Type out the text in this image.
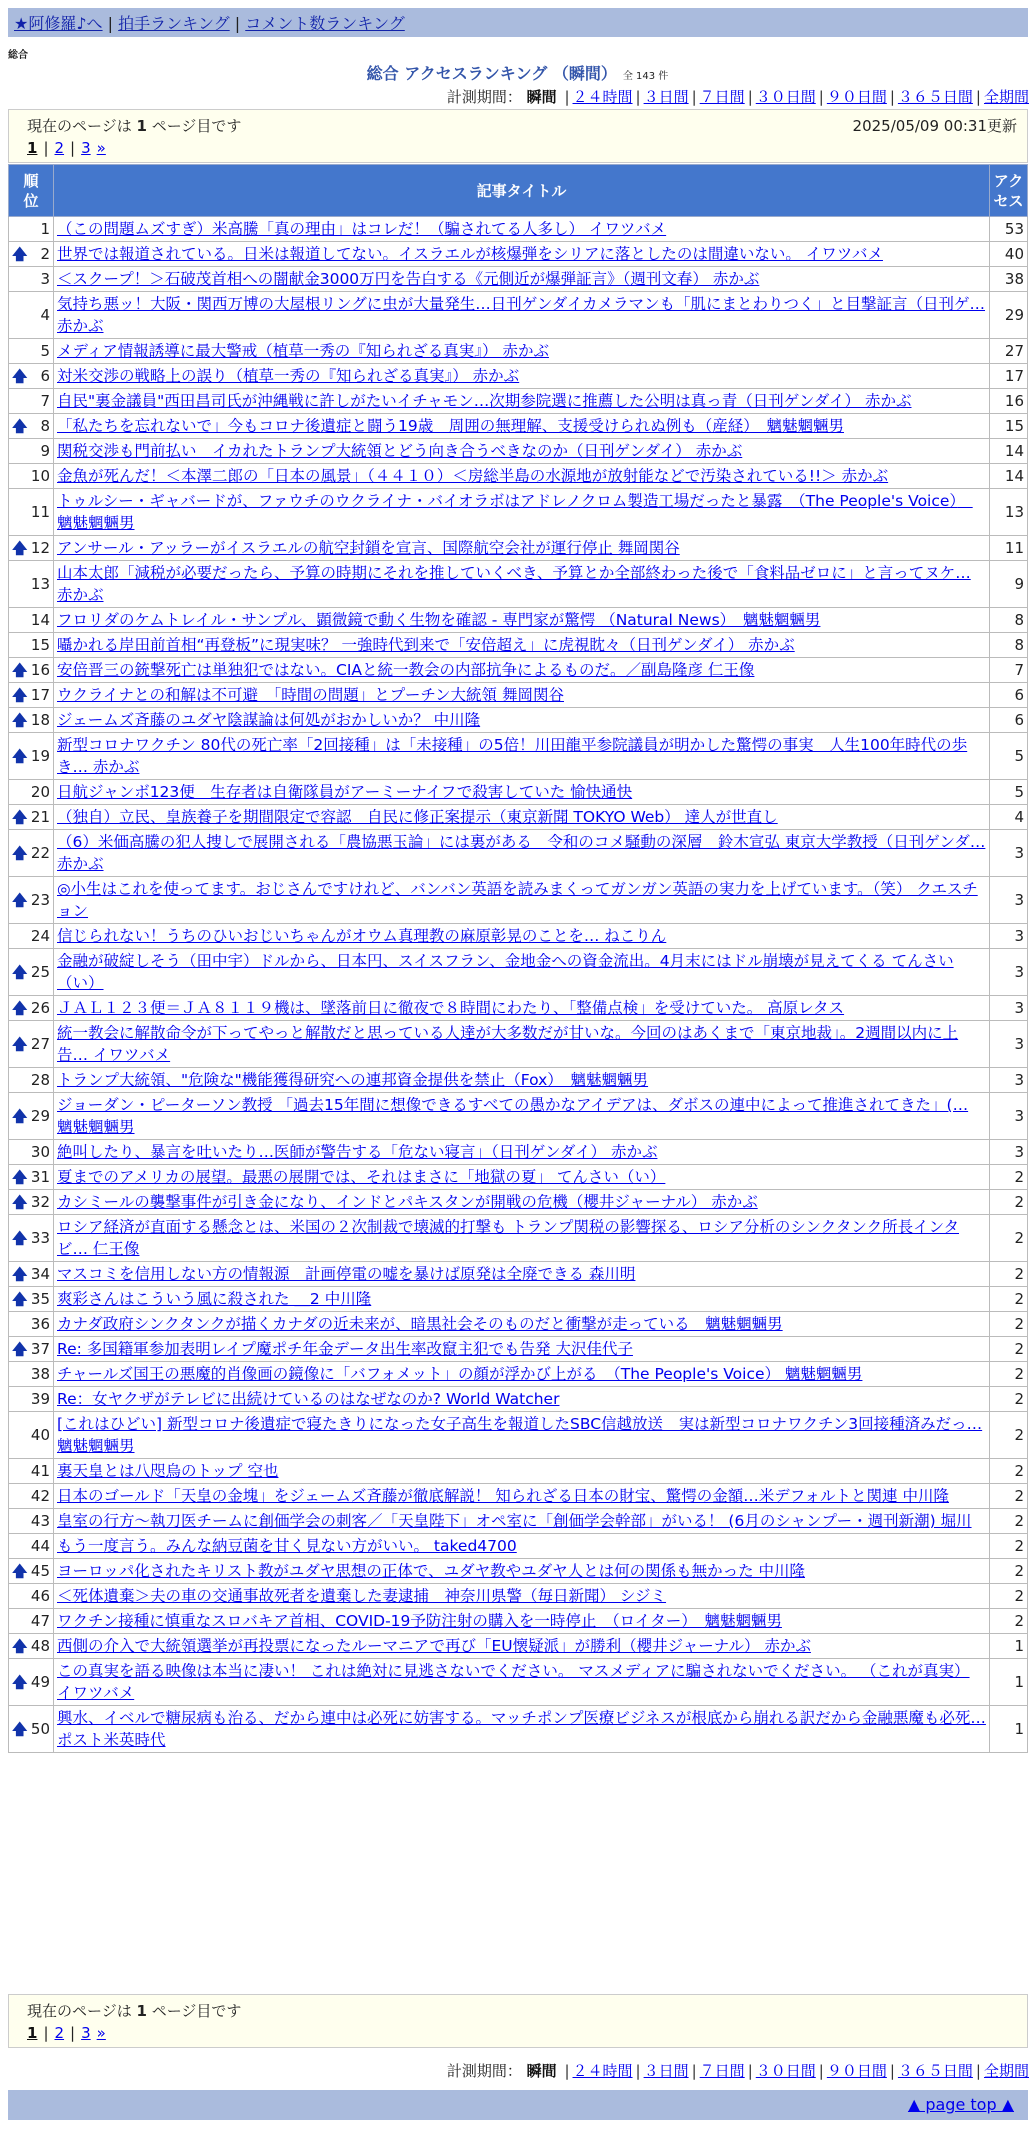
★阿修羅♪へ | 拍手ランキング | コメント数ランキング
総合
総合 アクセスランキング （瞬間） 全 143 件
計測期間： 瞬間 | ２４時間 | ３日間 | ７日間 | ３０日間 | ９０日間 | ３６５日間 | 全期間
現在のページは 1 ページ目です	2025/05/09 00:31更新
1 | 2 | 3 »
順
位	記事タイトル	アク
セス
1	（この問題ムズすぎ）米高騰「真の理由」はコレだ！（騙されてる人多し） イワツバメ	53

🡅 2	世界では報道されている。日米は報道してない。イスラエルが核爆弾をシリアに落としたのは間違いない。 イワツバメ	40
3	＜スクープ！＞石破茂首相への闇献金3000万円を告白する《元側近が爆弾証言》（週刊文春） 赤かぶ	38
4	気持ち悪ッ！大阪・関西万博の大屋根リングに虫が大量発生…日刊ゲンダイカメラマンも「肌にまとわりつく」と目撃証言（日刊ゲ… 赤かぶ	29
5	メディア情報誘導に最大警戒（植草一秀の『知られざる真実』） 赤かぶ	27

🡅 6	対米交渉の戦略上の誤り（植草一秀の『知られざる真実』） 赤かぶ	17
7	自民"裏金議員"西田昌司氏が沖縄戦に許しがたいイチャモン…次期参院選に推薦した公明は真っ青（日刊ゲンダイ） 赤かぶ	16

🡅 8	「私たちを忘れないで」今もコロナ後遺症と闘う19歳　周囲の無理解、支援受けられぬ例も（産経）　魑魅魍魎男	15
9	関税交渉も門前払い　イカれたトランプ大統領とどう向き合うべきなのか（日刊ゲンダイ） 赤かぶ	14
10	金魚が死んだ！＜本澤二郎の「日本の風景」（４４１０）＜房総半島の水源地が放射能などで汚染されている!!＞ 赤かぶ	14
11	トゥルシー・ギャバードが、ファウチのウクライナ・バイオラボはアドレノクロム製造工場だったと暴露　（The People's Voice）　魑魅魍魎男	13

🡅 12	アンサール・アッラーがイスラエルの航空封鎖を宣言、国際航空会社が運行停止 舞岡関谷	11
13	山本太郎「減税が必要だったら、予算の時期にそれを推していくべき、予算とか全部終わった後で「食料品ゼロに」と言ってヌケ… 赤かぶ	9
14	フロリダのケムトレイル・サンプル、顕微鏡で動く生物を確認 - 専門家が驚愕 （Natural News）　魑魅魍魎男	8
15	囁かれる岸田前首相“再登板”に現実味？ 一強時代到来で「安倍超え」に虎視眈々（日刊ゲンダイ） 赤かぶ	8

🡅 16	安倍晋三の銃撃死亡は単独犯ではない。CIAと統一教会の内部抗争によるものだ。／副島隆彦 仁王像	7

🡅 17	ウクライナとの和解は不可避　「時間の問題」とプーチン大統領 舞岡関谷	6

🡅 18	ジェームズ斉藤のユダヤ陰謀論は何処がおかしいか？ 中川隆	6

🡅 19	新型コロナワクチン 80代の死亡率「2回接種」は「未接種」の5倍！川田龍平参院議員が明かした驚愕の事実　人生100年時代の歩き… 赤かぶ	5
20	日航ジャンボ123便　生存者は自衛隊員がアーミーナイフで殺害していた 愉快通快	5

🡅 21	（独自）立民、皇族養子を期間限定で容認　自民に修正案提示（東京新聞 TOKYO Web） 達人が世直し	4

🡅 22	（6）米価高騰の犯人捜しで展開される「農協悪玉論」には裏がある　令和のコメ騒動の深層　鈴木宣弘 東京大学教授（日刊ゲンダ… 赤かぶ	3

🡅 23	◎小生はこれを使ってます。おじさんですけれど、バンバン英語を読みまくってガンガン英語の実力を上げています。（笑） クエスチョン	3
24	信じられない！うちのひいおじいちゃんがオウム真理教の麻原彰晃のことを… ねこりん	3

🡅 25	金融が破綻しそう（田中宇）ドルから、日本円、スイスフラン、金地金への資金流出。4月末にはドル崩壊が見えてくる てんさい（い）	3

🡅 26	ＪＡＬ１２３便＝ＪＡ８１１９機は、墜落前日に徹夜で８時間にわたり、「整備点検」を受けていた。 高原レタス	3

🡅 27	統一教会に解散命令が下ってやっと解散だと思っている人達が大多数だが甘いな。今回のはあくまで「東京地裁」。2週間以内に上告… イワツバメ	3
28	トランプ大統領、"危険な"機能獲得研究への連邦資金提供を禁止（Fox）　魑魅魍魎男	3

🡅 29	ジョーダン・ピーターソン教授 「過去15年間に想像できるすべての愚かなアイデアは、ダボスの連中によって推進されてきた」(… 魑魅魍魎男	3
30	絶叫したり、暴言を吐いたり…医師が警告する「危ない寝言」（日刊ゲンダイ） 赤かぶ	3

🡅 31	夏までのアメリカの展望。最悪の展開では、それはまさに「地獄の夏」 てんさい（い）	2

🡅 32	カシミールの襲撃事件が引き金になり、インドとパキスタンが開戦の危機（櫻井ジャーナル） 赤かぶ	2

🡅 33	ロシア経済が直面する懸念とは、米国の２次制裁で壊滅的打撃も トランプ関税の影響探る、ロシア分析のシンクタンク所長インタビ… 仁王像	2

🡅 34	マスコミを信用しない方の情報源　計画停電の嘘を暴けば原発は全廃できる 森川明	2

🡅 35	爽彩さんはこういう風に殺された ＿2 中川隆	2
36	カナダ政府シンクタンクが描くカナダの近未来が、暗黒社会そのものだと衝撃が走っている　魑魅魍魎男	2

🡅 37	Re: 多国籍軍参加表明レイプ魔ポチ年金データ出生率改竄主犯でも告発 大沢佳代子	2
38	チャールズ国王の悪魔的肖像画の鏡像に「バフォメット」の顔が浮かび上がる　（The People's Voice） 魑魅魍魎男	2
39	Re：女ヤクザがテレビに出続けているのはなぜなのか? World Watcher	2
40	[これはひどい] 新型コロナ後遺症で寝たきりになった女子高生を報道したSBC信越放送　実は新型コロナワクチン3回接種済みだっ… 魑魅魍魎男	2
41	裏天皇とは八咫烏のトップ 空也	2
42	日本のゴールド「天皇の金塊」をジェームズ斉藤が徹底解説！ 知られざる日本の財宝、驚愕の金額…米デフォルトと関連 中川隆	2
43	皇室の行方～執刀医チームに創価学会の刺客／「天皇陛下」オペ室に「創価学会幹部」がいる！ (6月のシャンプー・週刊新潮) 堀川	2
44	もう一度言う。みんな納豆菌を甘く見ない方がいい。 taked4700	2

🡅 45	ヨーロッパ化されたキリスト教がユダヤ思想の正体で、ユダヤ教やユダヤ人とは何の関係も無かった 中川隆	2
46	＜死体遺棄＞夫の車の交通事故死者を遺棄した妻逮捕　神奈川県警（毎日新聞） シジミ	2
47	ワクチン接種に慎重なスロバキア首相、COVID-19予防注射の購入を一時停止　（ロイター）　魑魅魍魎男	2

🡅 48	西側の介入で大統領選挙が再投票になったルーマニアで再び「EU懐疑派」が勝利（櫻井ジャーナル） 赤かぶ	1

🡅 49	この真実を語る映像は本当に凄い！ これは絶対に見逃さないでください。 マスメディアに騙されないでください。 （これが真実） イワツバメ	1

🡅 50	興水、イベルで糖尿病も治る、だから連中は必死に妨害する。マッチポンプ医療ビジネスが根底から崩れる訳だから金融悪魔も必死… ポスト米英時代	1
現在のページは 1 ページ目です
1 | 2 | 3 »
計測期間： 瞬間 | ２４時間 | ３日間 | ７日間 | ３０日間 | ９０日間 | ３６５日間 | 全期間
▲ page top ▲
